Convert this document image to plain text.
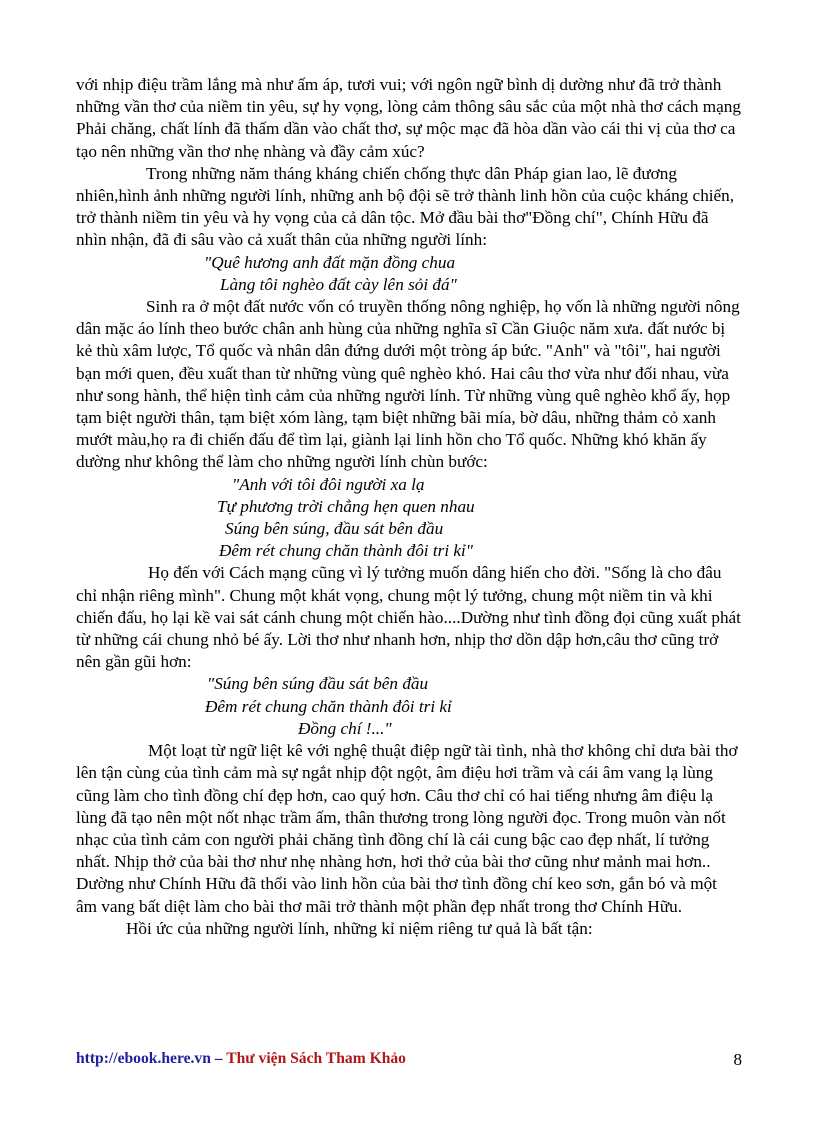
với nhịp điệu trầm lắng mà như ấm áp, tươi vui; với ngôn ngữ bình dị dường như đã trở thành những vần thơ của niềm tin yêu, sự hy vọng, lòng cảm thông sâu sắc của một nhà thơ cách mạng

Phải chăng, chất lính đã thấm dần vào chất thơ, sự mộc mạc đã hòa dần vào cái thi vị của thơ ca tạo nên những vần thơ nhẹ nhàng và đầy cảm xúc?

Trong những năm tháng kháng chiến chống thực dân Pháp gian lao, lẽ đương nhiên,hình ảnh những người lính, những anh bộ đội sẽ trở thành linh hồn của cuộc kháng chiến, trở thành niềm tin yêu và hy vọng của cả dân tộc. Mở đầu bài thơ"Đồng chí", Chính Hữu đã nhìn nhận, đã đi sâu vào cả xuất thân của những người lính:

"Quê hương anh đất mặn đồng chua

Làng tôi nghèo đất cày lên sỏi đá"

Sinh ra ở một đất nước vốn có truyền thống nông nghiệp, họ vốn là những người nông dân mặc áo lính theo bước chân anh hùng của những nghĩa sĩ Cần Giuộc năm xưa. đất nước bị kẻ thù xâm lược, Tổ quốc và nhân dân đứng dưới một tròng áp bức. "Anh" và "tôi", hai người bạn mới quen, đều xuất than từ những vùng quê nghèo khó. Hai câu thơ vừa như đối nhau, vừa như song hành, thể hiện tình cảm của những người lính. Từ những vùng quê nghèo khổ ấy, họp tạm biệt người thân, tạm biệt xóm làng, tạm biệt những bãi mía, bờ dâu, những thảm cỏ xanh mướt màu,họ ra đi chiến đấu để tìm lại, giành lại linh hồn cho Tổ quốc. Những khó khăn ấy dường như không thể làm cho những người lính chùn bước:

"Anh với tôi đôi người xa lạ

Tự phương trời chẳng hẹn quen nhau

Súng bên súng, đầu sát bên đầu

Đêm rét chung chăn thành đôi tri kỉ"

Họ đến với Cách mạng cũng vì lý tưởng muốn dâng hiến cho đời. "Sống là cho đâu chỉ nhận riêng mình". Chung một khát vọng, chung một lý tưởng, chung một niềm tin và khi chiến đấu, họ lại kề vai sát cánh chung một chiến hào....Dường như tình đồng đọi cũng xuất phát từ những cái chung nhỏ bé ấy. Lời thơ như nhanh hơn, nhịp thơ dồn dập hơn,câu thơ cũng trở nên gần gũi hơn:

"Súng bên súng đầu sát bên đầu

Đêm rét chung chăn thành đôi tri kỉ

Đồng chí !..."

Một loạt từ ngữ liệt kê với nghệ thuật điệp ngữ tài tình, nhà thơ không chỉ dưa bài thơ lên tận cùng của tình cảm mà sự ngắt nhịp đột ngột, âm điệu hơi trầm và cái âm vang lạ lùng cũng làm cho tình đồng chí đẹp hơn, cao quý hơn. Câu thơ chỉ có hai tiếng nhưng âm điệu lạ lùng đã tạo nên một nốt nhạc trầm ấm, thân thương trong lòng người đọc. Trong muôn vàn nốt nhạc của tình cảm con người phải chăng tình đồng chí là cái cung bậc cao đẹp nhất, lí tưởng nhất. Nhịp thở của bài thơ như nhẹ nhàng hơn, hơi thở của bài thơ cũng như mảnh mai hơn.. Dường như Chính Hữu đã thổi vào linh hồn của bài thơ tình đồng chí keo sơn, gắn bó và một âm vang bất diệt làm cho bài thơ mãi trở thành một phần đẹp nhất trong thơ Chính Hữu.

Hồi ức của những người lính, những kỉ niệm riêng tư quả là bất tận:

http://ebook.here.vn – Thư viện Sách Tham Khảo	8
